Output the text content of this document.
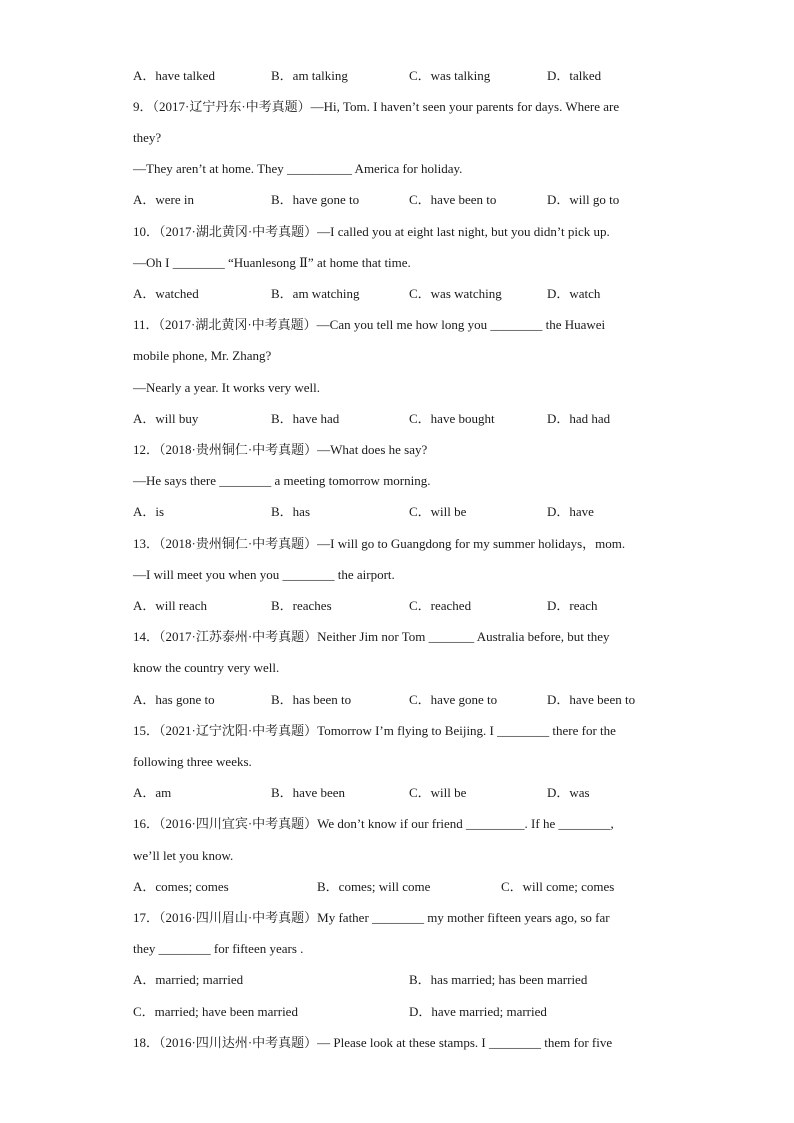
A．have talked	B．am talking	C．was talking	D．talked
9．（2017·辽宁丹东·中考真题）—Hi, Tom. I haven’t seen your parents for days. Where are
they?
—They aren’t at home. They __________ America for holiday.
A．were in	B．have gone to	C．have been to	D．will go to
10．（2017·湖北黄冈·中考真题）—I called you at eight last night, but you didn’t pick up.
—Oh I ________ “Huanlesong Ⅱ” at home that time.
A．watched	B．am watching	C．was watching	D．watch
11．（2017·湖北黄冈·中考真题）—Can you tell me how long you ________ the Huawei
mobile phone, Mr. Zhang?
—Nearly a year. It works very well.
A．will buy	B．have had	C．have bought	D．had had
12．（2018·贵州铜仁·中考真题）—What does he say?
—He says there ________ a meeting tomorrow morning.
A．is	B．has	C．will be	D．have
13．（2018·贵州铜仁·中考真题）—I will go to Guangdong for my summer holidays，mom.
—I will meet you when you ________ the airport.
A．will reach	B．reaches	C．reached	D．reach
14．（2017·江苏泰州·中考真题）Neither Jim nor Tom _______ Australia before, but they
know the country very well.
A．has gone to	B．has been to	C．have gone to	D．have been to
15．（2021·辽宁沈阳·中考真题）Tomorrow I’m flying to Beijing. I ________ there for the
following three weeks.
A．am	B．have been	C．will be	D．was
16．（2016·四川宜宾·中考真题）We don’t know if our friend _________. If he ________,
we’ll let you know.
A．comes; comes	B．comes; will come	C．will come; comes
17．（2016·四川眉山·中考真题）My father ________ my mother fifteen years ago, so far
they ________ for fifteen years .
A．married; married	B．has married; has been married
C．married; have been married	D．have married; married
18．（2016·四川达州·中考真题）— Please look at these stamps. I ________ them for five
